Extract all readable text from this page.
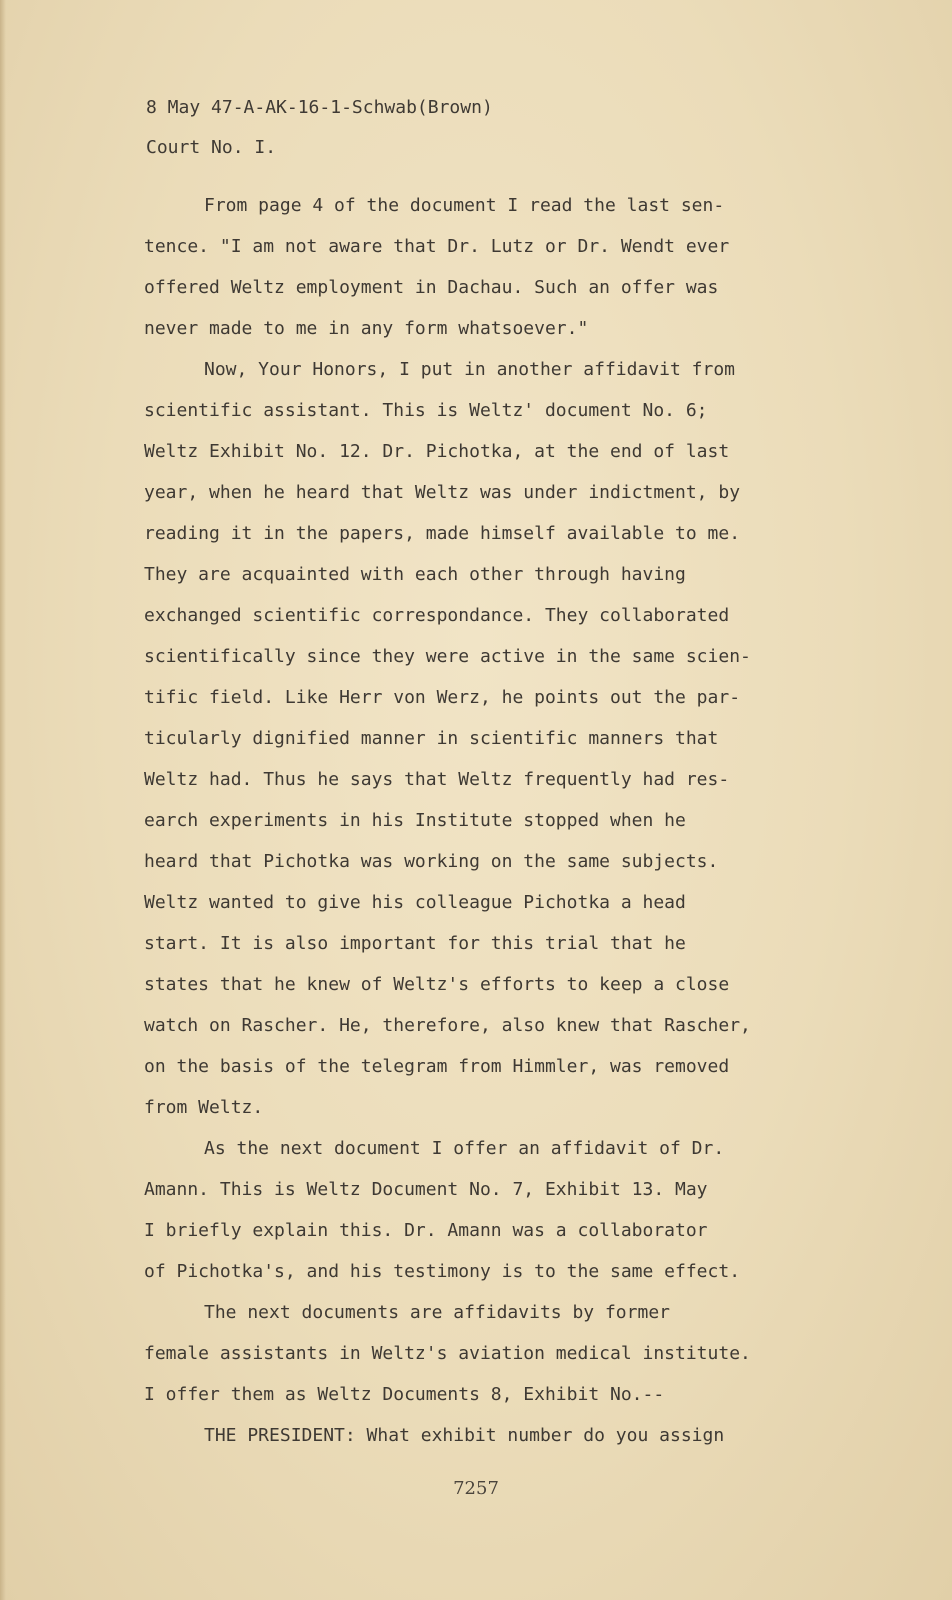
8 May 47-A-AK-16-1-Schwab(Brown)
Court No. I.
From page 4 of the document I read the last sen-
tence. "I am not aware that Dr. Lutz or Dr. Wendt ever
offered Weltz employment in Dachau. Such an offer was
never made to me in any form whatsoever."
Now, Your Honors, I put in another affidavit from
scientific assistant. This is Weltz' document No. 6;
Weltz Exhibit No. 12. Dr. Pichotka, at the end of last
year, when he heard that Weltz was under indictment, by
reading it in the papers, made himself available to me.
They are acquainted with each other through having
exchanged scientific correspondance. They collaborated
scientifically since they were active in the same scien-
tific field. Like Herr von Werz, he points out the par-
ticularly dignified manner in scientific manners that
Weltz had. Thus he says that Weltz frequently had res-
earch experiments in his Institute stopped when he
heard that Pichotka was working on the same subjects.
Weltz wanted to give his colleague Pichotka a head
start. It is also important for this trial that he
states that he knew of Weltz's efforts to keep a close
watch on Rascher. He, therefore, also knew that Rascher,
on the basis of the telegram from Himmler, was removed
from Weltz.
As the next document I offer an affidavit of Dr.
Amann. This is Weltz Document No. 7, Exhibit 13. May
I briefly explain this. Dr. Amann was a collaborator
of Pichotka's, and his testimony is to the same effect.
The next documents are affidavits by former
female assistants in Weltz's aviation medical institute.
I offer them as Weltz Documents 8, Exhibit No.--
THE PRESIDENT: What exhibit number do you assign
7257
